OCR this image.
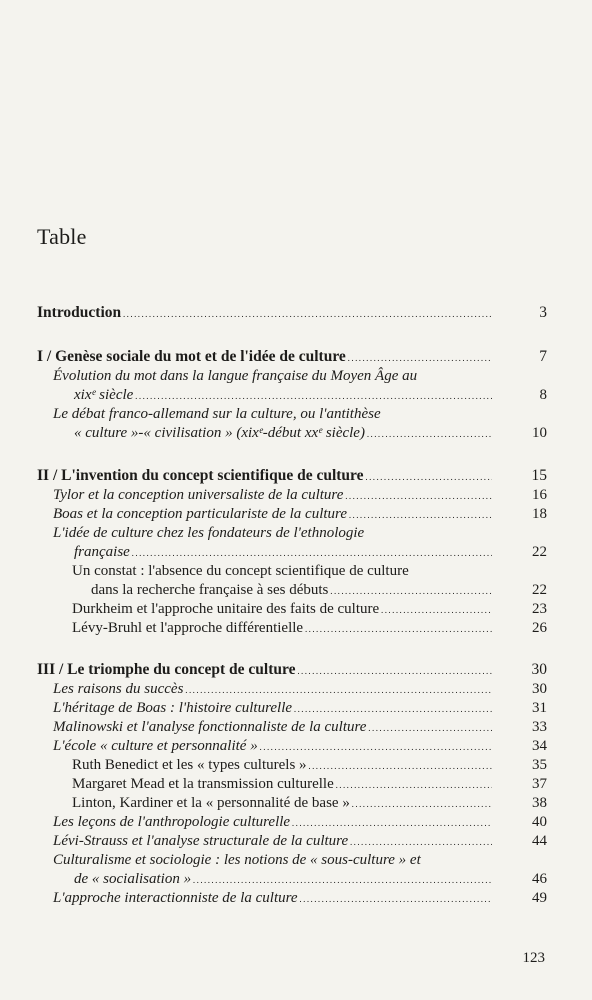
Table
Introduction . . .	3
I / Genèse sociale du mot et de l'idée de culture . . .	7
Évolution du mot dans la langue française du Moyen Âge au
xixᵉ siècle . . .	8
Le débat franco-allemand sur la culture, ou l'antithèse
« culture »-« civilisation » (xixᵉ-début xxᵉ siècle) . . .	10
II / L'invention du concept scientifique de culture . . .	15
Tylor et la conception universaliste de la culture . . .	16
Boas et la conception particulariste de la culture . . .	18
L'idée de culture chez les fondateurs de l'ethnologie
française . . .	22
Un constat : l'absence du concept scientifique de culture
dans la recherche française à ses débuts . . .	22
Durkheim et l'approche unitaire des faits de culture . . .	23
Lévy-Bruhl et l'approche différentielle . . .	26
III / Le triomphe du concept de culture . . .	30
Les raisons du succès . . .	30
L'héritage de Boas : l'histoire culturelle . . .	31
Malinowski et l'analyse fonctionnaliste de la culture . . .	33
L'école « culture et personnalité » . . .	34
Ruth Benedict et les « types culturels » . . .	35
Margaret Mead et la transmission culturelle . . .	37
Linton, Kardiner et la « personnalité de base » . . .	38
Les leçons de l'anthropologie culturelle . . .	40
Lévi-Strauss et l'analyse structurale de la culture . . .	44
Culturalisme et sociologie : les notions de « sous-culture » et
de « socialisation » . . .	46
L'approche interactionniste de la culture . . .	49
123
